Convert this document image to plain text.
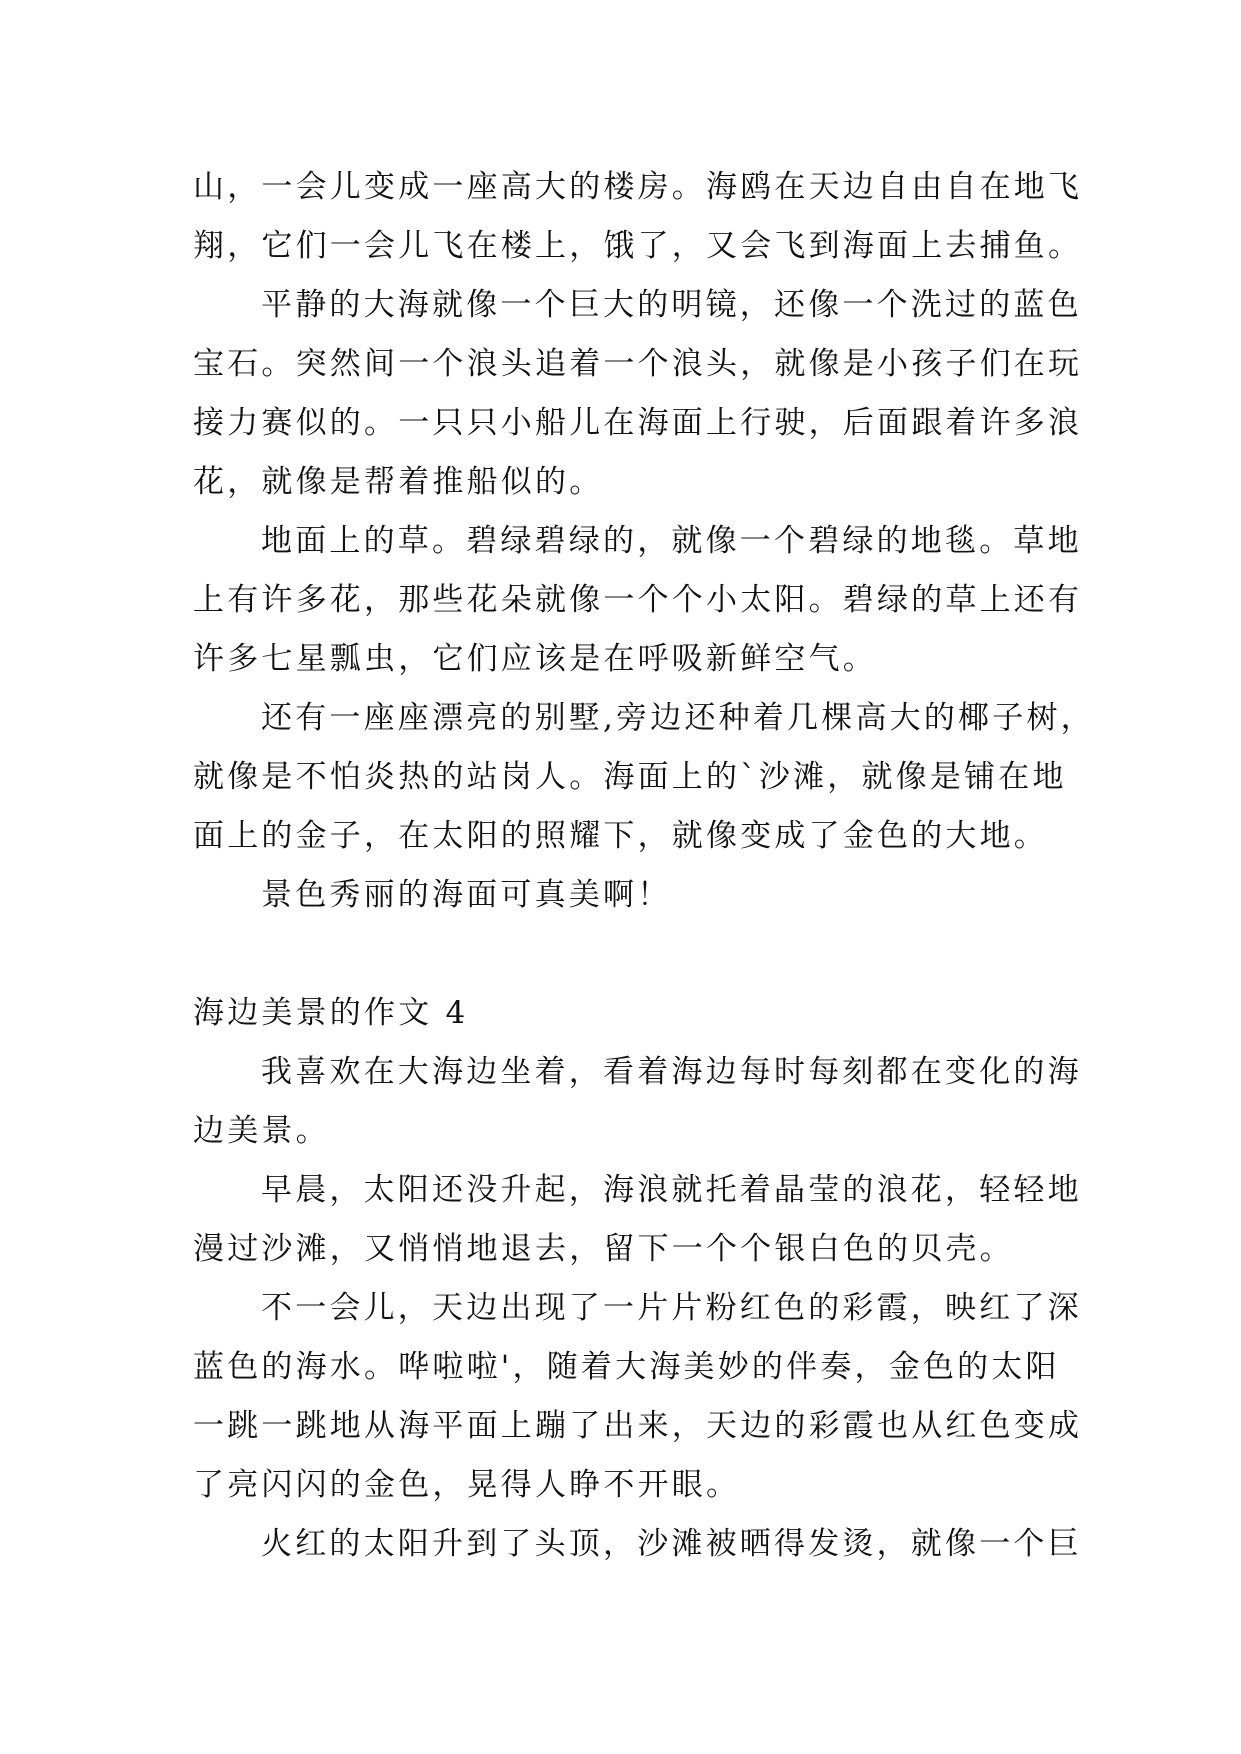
山，一会儿变成一座高大的楼房。海鸥在天边自由自在地飞
翔，它们一会儿飞在楼上，饿了，又会飞到海面上去捕鱼。
平静的大海就像一个巨大的明镜，还像一个洗过的蓝色
宝石。突然间一个浪头追着一个浪头，就像是小孩子们在玩
接力赛似的。一只只小船儿在海面上行驶，后面跟着许多浪
花，就像是帮着推船似的。
地面上的草。碧绿碧绿的，就像一个碧绿的地毯。草地
上有许多花，那些花朵就像一个个小太阳。碧绿的草上还有
许多七星瓢虫，它们应该是在呼吸新鲜空气。
还有一座座漂亮的别墅,旁边还种着几棵高大的椰子树，
就像是不怕炎热的站岗人。海面上的`沙滩，就像是铺在地
面上的金子，在太阳的照耀下，就像变成了金色的大地。
景色秀丽的海面可真美啊！
海边美景的作文 4
我喜欢在大海边坐着，看着海边每时每刻都在变化的海
边美景。
早晨，太阳还没升起，海浪就托着晶莹的浪花，轻轻地
漫过沙滩，又悄悄地退去，留下一个个银白色的贝壳。
不一会儿，天边出现了一片片粉红色的彩霞，映红了深
蓝色的海水。哗啦啦'，随着大海美妙的伴奏，金色的太阳
一跳一跳地从海平面上蹦了出来，天边的彩霞也从红色变成
了亮闪闪的金色，晃得人睁不开眼。
火红的太阳升到了头顶，沙滩被晒得发烫，就像一个巨
